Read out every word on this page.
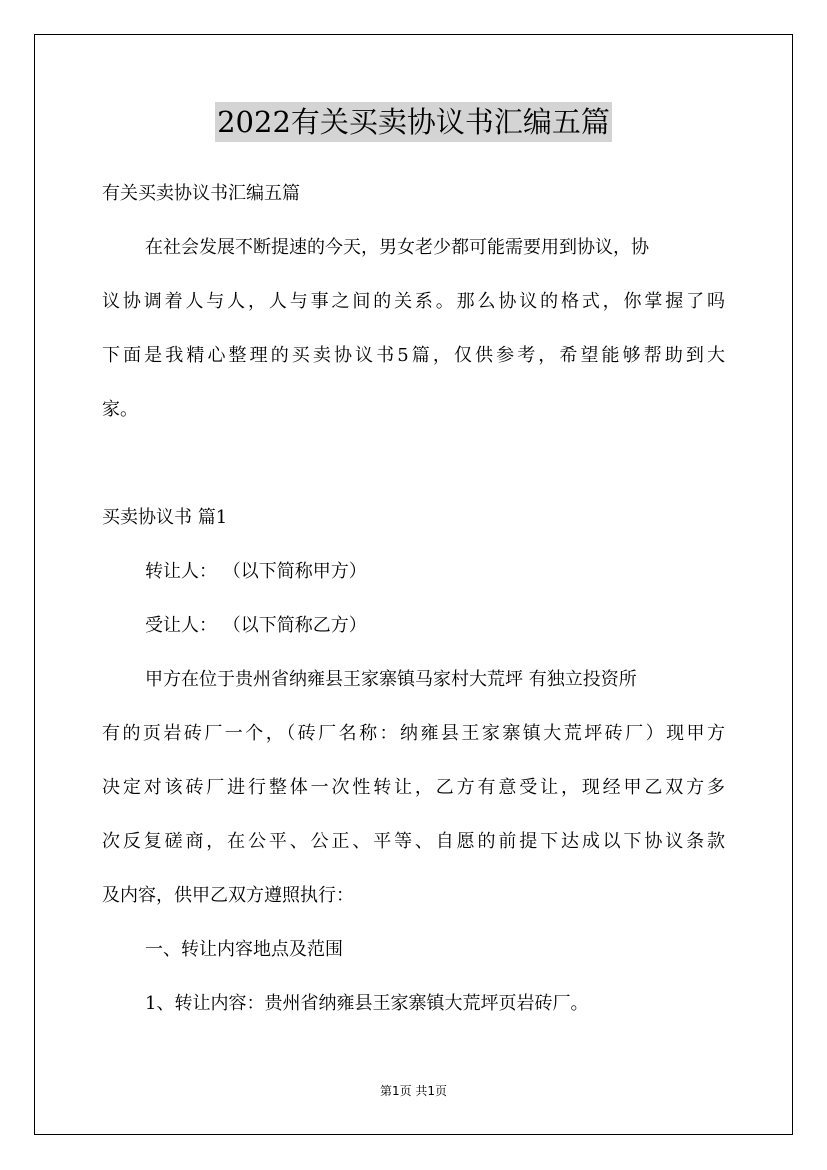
2022有关买卖协议书汇编五篇
有关买卖协议书汇编五篇
在社会发展不断提速的今天，男女老少都可能需要用到协议，协
议协调着人与人，人与事之间的关系。那么协议的格式，你掌握了吗
下面是我精心整理的买卖协议书5篇，仅供参考，希望能够帮助到大
家。
买卖协议书 篇1
转让人： （以下简称甲方）
受让人： （以下简称乙方）
甲方在位于贵州省纳雍县王家寨镇马家村大荒坪 有独立投资所
有的页岩砖厂一个，（砖厂名称：纳雍县王家寨镇大荒坪砖厂）现甲方
决定对该砖厂进行整体一次性转让，乙方有意受让，现经甲乙双方多
次反复磋商，在公平、公正、平等、自愿的前提下达成以下协议条款
及内容，供甲乙双方遵照执行：
一、转让内容地点及范围
1、转让内容：贵州省纳雍县王家寨镇大荒坪页岩砖厂。
第1页 共1页
